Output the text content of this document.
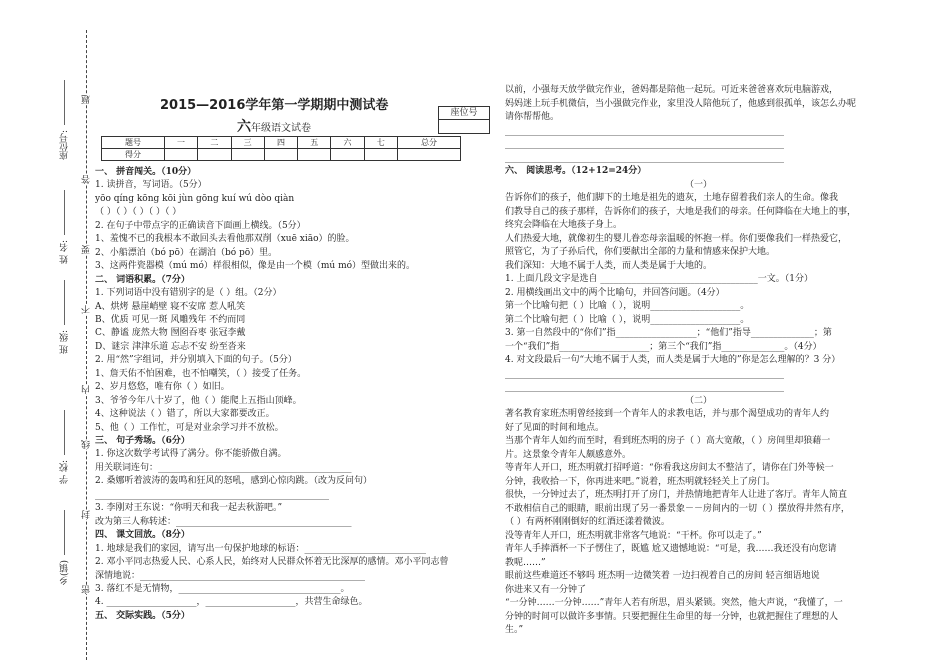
题
答
要
不
内
线
封
密
乡(镇)
学 校:
班 级:
姓 名:
座位号:
2015—2016学年第一学期期中测试卷
六年级语文试卷
座位号
题号	一	二	三	四	五	六	七	总分
得分								
一、 拼音闯关。（10分）
1. 读拼音，写词语。（5分）
yōo qíng kōng kōi jùn gōng kuí wú dòo qiàn
（ ）（ ）（ ）（ ）（ ）
2. 在句子中带点字的正确读音下面画上横线。（5分）
1、羞愧不已的我根本不敢回头去看他那双削（xuē xiāo）的脸。
2、小船漂泊（bó pō）在湖泊（bó pō）里。
3、这两件瓷器模（mú mó）样很相似，像是由一个模（mú mó）型做出来的。
二、 词语积累。（7分）
1. 下列词语中没有错别字的是（ ）组。（2分）
A、烘烤 悬崖峭壁 寝不安席 惹人吼笑
B、优质 可见一斑 风雕残年 不约而同
C、静谧 庞然大物 囫囵吞枣 张冠李戴
D、谜宗 津津乐道 忘忐不安 纷至沓来
2. 用“然”字组词，并分别填入下面的句子。（5分）
1、詹天佑不怕困难，也不怕嘲笑，（ ）接受了任务。
2、岁月悠悠，唯有你（ ）如旧。
3、爷爷今年八十岁了，他（ ）能爬上五指山顶峰。
4、这种说法（ ）错了，所以大家都要改正。
5、他（ ）工作忙，可是对业余学习并不放松。
三、 句子秀场。（6分）
1. 你这次数学考试得了满分。你不能骄傲自满。
用关联词连句：___________________________________________
2. 桑娜听着波涛的轰鸣和狂风的怒吼，感到心惊肉跳。（改为反问句）
____________________________________________________
3. 李刚对王东说：“你明天和我一起去秋游吧。”
改为第三人称转述：_______________________________________
四、 课文回放。（8分）
1. 地球是我们的家园，请写出一句保护地球的标语：___________________________
2. 邓小平同志热爱人民、心系人民，始终对人民群众怀着无比深厚的感情。邓小平同志曾
深情地说：__________________________________________________
3. 落红不是无情物，____________________________________。
4. ____________________，____________________，共营生命绿色。
五、 交际实践。（5分）
以前，小强每天放学做完作业，爸妈都是陪他一起玩。可近来爸爸喜欢玩电脑游戏，
妈妈迷上玩手机微信，当小强做完作业，家里没人陪他玩了，他感到很孤单，该怎么办呢
请你帮帮他。
______________________________________________________________
______________________________________________________________
______________________________________________________________
六、 阅读思考。（12+12=24分）
（一）
告诉你们的孩子，他们脚下的土地是祖先的遗灰，土地存留着我们亲人的生命。像我
们教导自己的孩子那样，告诉你们的孩子，大地是我们的母亲。任何降临在大地上的事，
终究会降临在大地孩子身上。
人们热爱大地，就像初生的婴儿眷恋母亲温暖的怀抱一样。你们要像我们一样热爱它，
照管它，为了子孙后代，你们要献出全部的力量和情感来保护大地。
我们深知：大地不属于人类，而人类是属于大地的。
1. 上面几段文字是选自 ___________________________________一文。（1分）
2. 用横线画出文中的两个比喻句，并回答问题。（4分）
第一个比喻句把（ ）比喻（ ），说明____________________。
第二个比喻句把（ ）比喻（ ），说明____________________。
3. 第一自然段中的“你们”指__________________；“他们”指导______________；第
一个“我们”指____________________；第三个“我们”指______________。（4分）
4. 对文段最后一句“大地不属于人类，而人类是属于大地的”你是怎么理解的？3 分）
______________________________________________________________
______________________________________________________________
（二）
著名教育家班杰明曾经接到一个青年人的求教电话，并与那个渴望成功的青年人约
好了见面的时间和地点。
当那个青年人如约而至时，看到班杰明的房子（ ）高大宽敞，（ ）房间里却狼藉一
片。这景象令青年人颇感意外。
等青年人开口，班杰明就打招呼道：“你看我这房间太不整洁了，请你在门外等候一
分钟，我收拾一下，你再进来吧。”说着，班杰明就轻轻关上了房门。
很快，一分钟过去了，班杰明打开了房门，并热情地把青年人让进了客厅。青年人简直
不敢相信自己的眼睛，眼前出现了另一番景象－－房间内的一切（ ）摆放得井然有序，
（ ）有两杯刚刚倒好的红酒还漾着微波。
没等青年人开口，班杰明就非常客气地说：“干杯。你可以走了。”
青年人手捧酒杯一下子愣住了，既尴 尬又遗憾地说：“可是，我……我还没有向您请
教呢……”
眼前这些难道还不够吗 班杰明一边微笑着 一边扫视着自己的房间 轻言细语地说
你进来又有一分钟了
“一分钟……一分钟……”青年人若有所思，眉头紧锁。突然，他大声说，“我懂了，一
分钟的时间可以做许多事情。只要把握住生命里的每一分钟，也就把握住了理想的人
生。”
